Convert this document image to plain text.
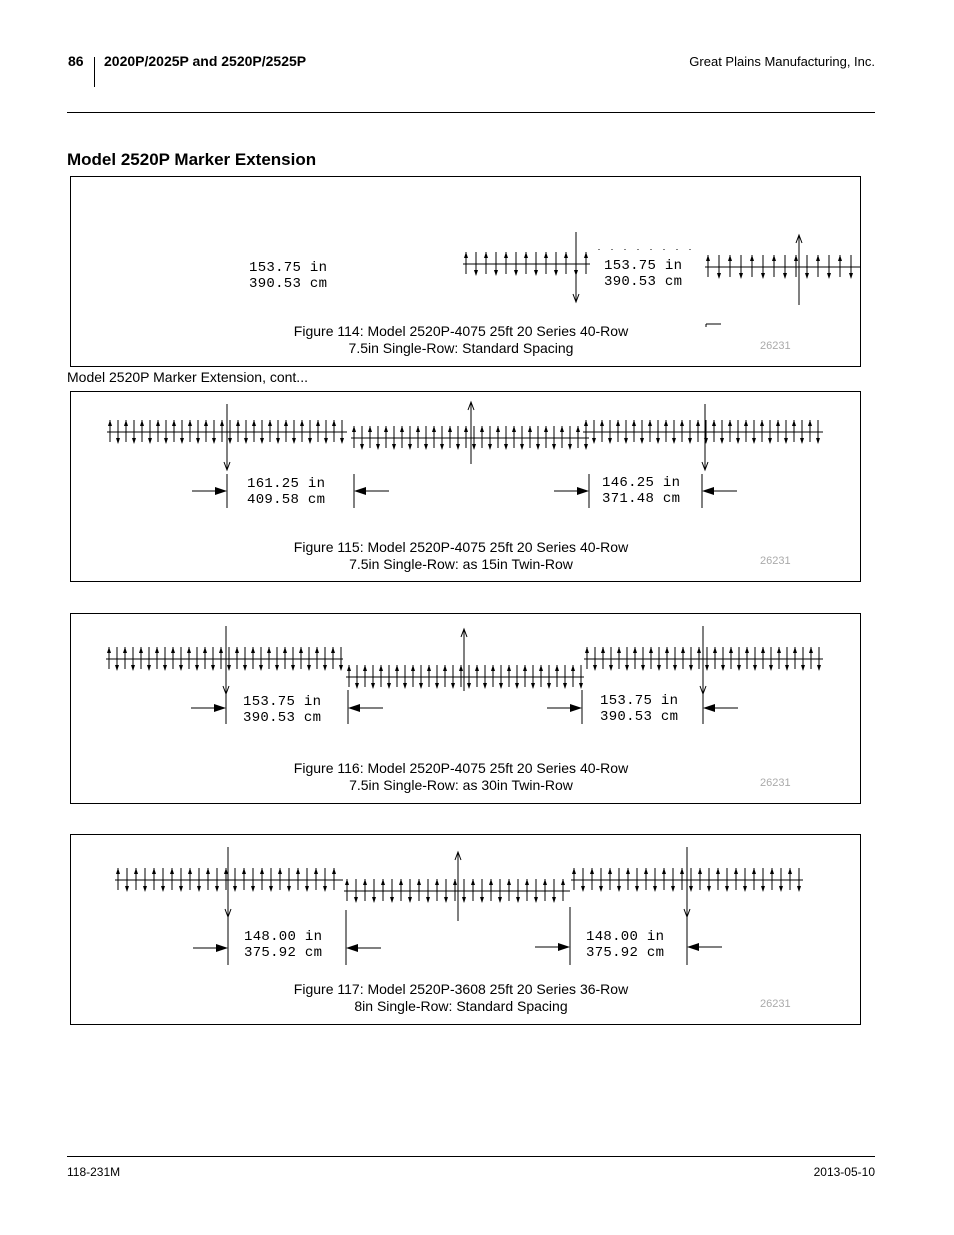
86 2020P/2025P and 2520P/2525P	Great Plains Manufacturing, Inc.
Model 2520P Marker Extension
153.75 in
390.53 cm
153.75 in
390.53 cm
Figure 114: Model 2520P-4075 25ft 20 Series 40-Row
7.5in Single-Row: Standard Spacing	26231
Model 2520P Marker Extension, cont...
161.25 in
409.58 cm
146.25 in
371.48 cm
Figure 115: Model 2520P-4075 25ft 20 Series 40-Row
7.5in Single-Row: as 15in Twin-Row	26231
153.75 in
390.53 cm
153.75 in
390.53 cm
Figure 116: Model 2520P-4075 25ft 20 Series 40-Row
7.5in Single-Row: as 30in Twin-Row	26231
148.00 in
375.92 cm
148.00 in
375.92 cm
Figure 117: Model 2520P-3608 25ft 20 Series 36-Row
8in Single-Row: Standard Spacing	26231
118-231M	2013-05-10
